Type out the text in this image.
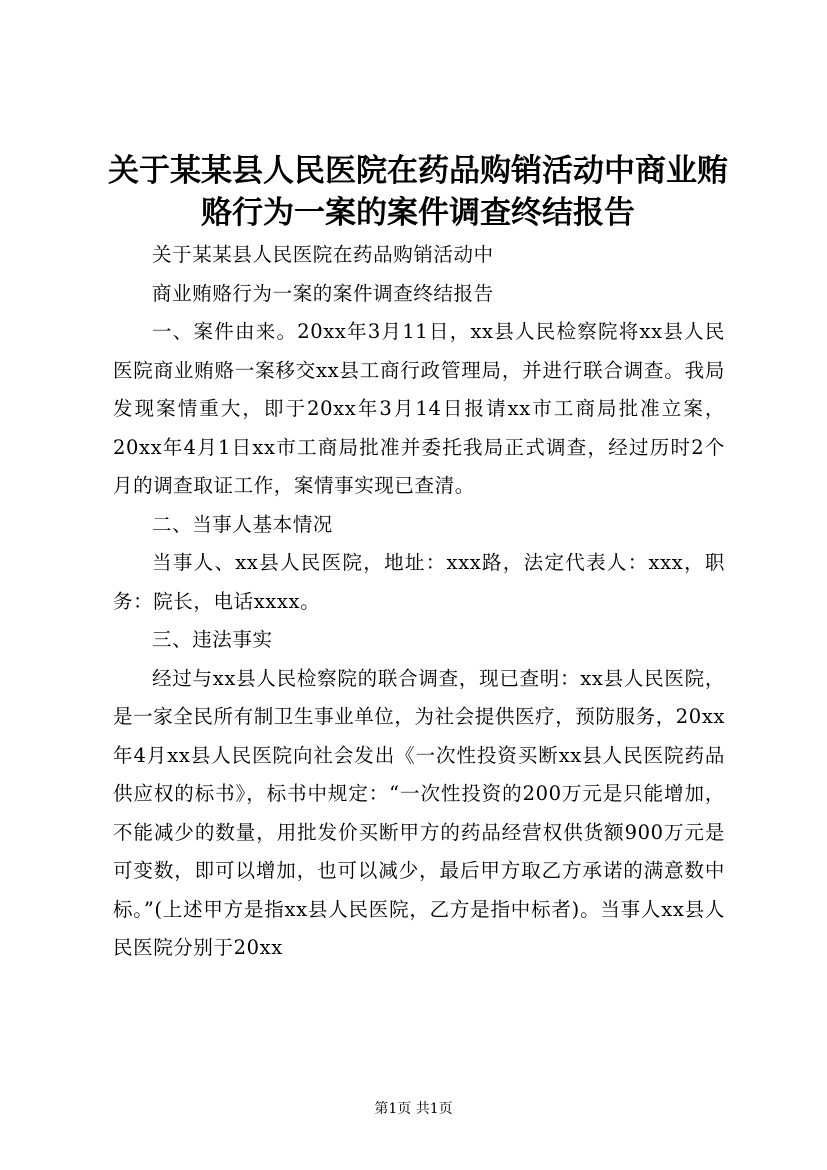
关于某某县人民医院在药品购销活动中商业贿赂行为一案的案件调查终结报告

关于某某县人民医院在药品购销活动中

商业贿赂行为一案的案件调查终结报告

一、案件由来。20xx年3月11日，xx县人民检察院将xx县人民医院商业贿赂一案移交xx县工商行政管理局，并进行联合调查。我局发现案情重大，即于20xx年3月14日报请xx市工商局批准立案，20xx年4月1日xx市工商局批准并委托我局正式调查，经过历时2个月的调查取证工作，案情事实现已查清。

二、当事人基本情况

当事人、xx县人民医院，地址：xxx路，法定代表人：xxx，职务：院长，电话xxxx。

三、违法事实

经过与xx县人民检察院的联合调查，现已查明：xx县人民医院，是一家全民所有制卫生事业单位，为社会提供医疗，预防服务，20xx年4月xx县人民医院向社会发出《一次性投资买断xx县人民医院药品供应权的标书》，标书中规定：“一次性投资的200万元是只能增加，不能减少的数量，用批发价买断甲方的药品经营权供货额900万元是可变数，即可以增加，也可以减少，最后甲方取乙方承诺的满意数中标。”(上述甲方是指xx县人民医院，乙方是指中标者)。当事人xx县人民医院分别于20xx

第1页 共1页
